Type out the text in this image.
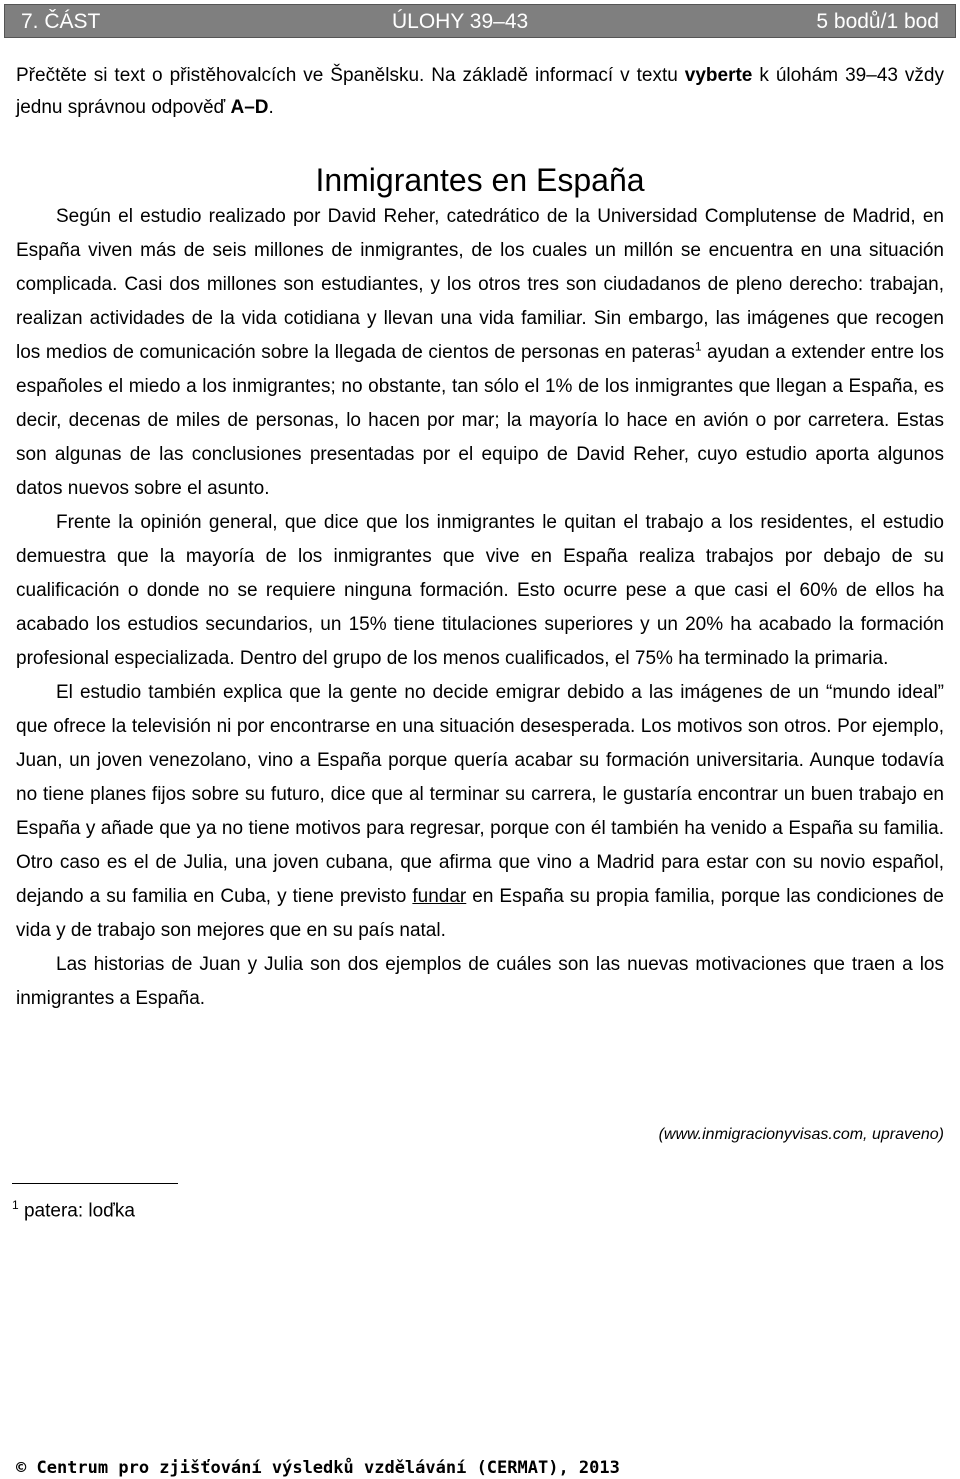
7. ČÁST	ÚLOHY 39–43	5 bodů/1 bod
Přečtěte si text o přistěhovalcích ve Španělsku. Na základě informací v textu vyberte k úlohám 39–43 vždy jednu správnou odpověď A–D.
Inmigrantes en España

Según el estudio realizado por David Reher, catedrático de la Universidad Complutense de Madrid, en España viven más de seis millones de inmigrantes, de los cuales un millón se encuentra en una situación complicada. Casi dos millones son estudiantes, y los otros tres son ciudadanos de pleno derecho: trabajan, realizan actividades de la vida cotidiana y llevan una vida familiar. Sin embargo, las imágenes que recogen los medios de comunicación sobre la llegada de cientos de personas en pateras$^1$ ayudan a extender entre los españoles el miedo a los inmigrantes; no obstante, tan sólo el 1% de los inmigrantes que llegan a España, es decir, decenas de miles de personas, lo hacen por mar; la mayoría lo hace en avión o por carretera. Estas son algunas de las conclusiones presentadas por el equipo de David Reher, cuyo estudio aporta algunos datos nuevos sobre el asunto.

Frente la opinión general, que dice que los inmigrantes le quitan el trabajo a los residentes, el estudio demuestra que la mayoría de los inmigrantes que vive en España realiza trabajos por debajo de su cualificación o donde no se requiere ninguna formación. Esto ocurre pese a que casi el 60% de ellos ha acabado los estudios secundarios, un 15% tiene titulaciones superiores y un 20% ha acabado la formación profesional especializada. Dentro del grupo de los menos cualificados, el 75% ha terminado la primaria.

El estudio también explica que la gente no decide emigrar debido a las imágenes de un “mundo ideal” que ofrece la televisión ni por encontrarse en una situación desesperada. Los motivos son otros. Por ejemplo, Juan, un joven venezolano, vino a España porque quería acabar su formación universitaria. Aunque todavía no tiene planes fijos sobre su futuro, dice que al terminar su carrera, le gustaría encontrar un buen trabajo en España y añade que ya no tiene motivos para regresar, porque con él también ha venido a España su familia. Otro caso es el de Julia, una joven cubana, que afirma que vino a Madrid para estar con su novio español, dejando a su familia en Cuba, y tiene previsto fundar en España su propia familia, porque las condiciones de vida y de trabajo son mejores que en su país natal.

Las historias de Juan y Julia son dos ejemplos de cuáles son las nuevas motivaciones que traen a los inmigrantes a España.

(www.inmigracionyvisas.com, upraveno)
$^1$ patera: loďka
© Centrum pro zjišťování výsledků vzdělávání (CERMAT), 2013
